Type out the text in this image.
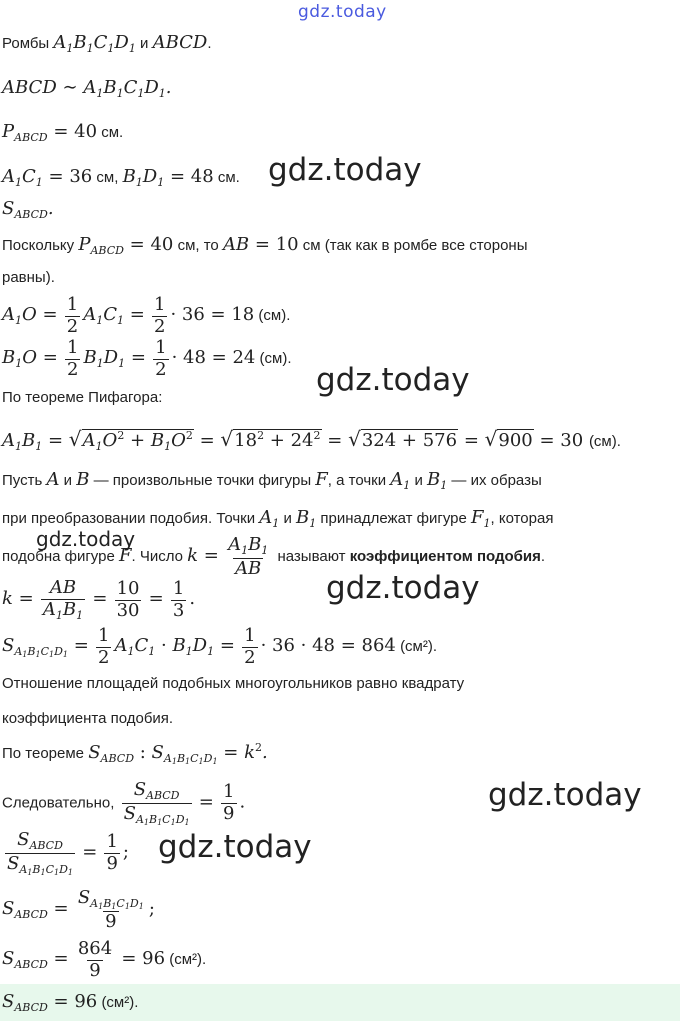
gdz.today
Ромбы $A_1B_1C_1D_1$ и ABCD.
ABCD ∼ $A_1B_1C_1D_1$.
$P_{ABCD} = 40$ см.
$A_1C_1 = 36$ см, $B_1D_1 = 48$ см.
$S_{ABCD}$.
Поскольку $P_{ABCD} = 40$ см, то AB = 10 см (так как в ромбе все стороны
равны).
$A_1O = \frac{1}{2} A_1C_1 = \frac{1}{2} \cdot 36 = 18$ (см).
$B_1O = \frac{1}{2} B_1D_1 = \frac{1}{2} \cdot 48 = 24$ (см).
По теореме Пифагора:
$A_1B_1 = √A_1O^2 + B_1O^2 = √18^2 + 24^2 = √324 + 576 = √900 = 30$ (см).
Пусть A и B — произвольные точки фигуры F, а точки $A_1$ и $B_1$ — их образы
при преобразовании подобия. Точки $A_1$ и $B_1$ принадлежат фигуре $F_1$, которая
подобна фигуре F. Число $k = \frac{A_1B_1}{AB}$ называют коэффициентом подобия.
$k = \frac{AB}{A_1B_1} = \frac{10}{30} = \frac{1}{3}$ .
$S_{A_1B_1C_1D_1} = \frac{1}{2} A_1C_1 \cdot B_1D_1 = \frac{1}{2} \cdot 36 \cdot 48 = 864$ (см²).
Отношение площадей подобных многоугольников равно квадрату
коэффициента подобия.
По теореме $S_{ABCD}$ : $S_{A_1B_1C_1D_1} = k^2$.
Следовательно, $\frac{S_{ABCD}}{S_{A_1B_1C_1D_1}} = \frac{1}{9}$ .
$\frac{S_{ABCD}}{S_{A_1B_1C_1D_1}} = \frac{1}{9}$ ;
$S_{ABCD} = \frac{S_{A_1B_1C_1D_1}}{9}$ ;
$S_{ABCD} = \frac{864}{9} = 96$ (см²).
$S_{ABCD} = 96$ (см²).
gdz.today
gdz.today
gdz.today
gdz.today
gdz.today
gdz.today
